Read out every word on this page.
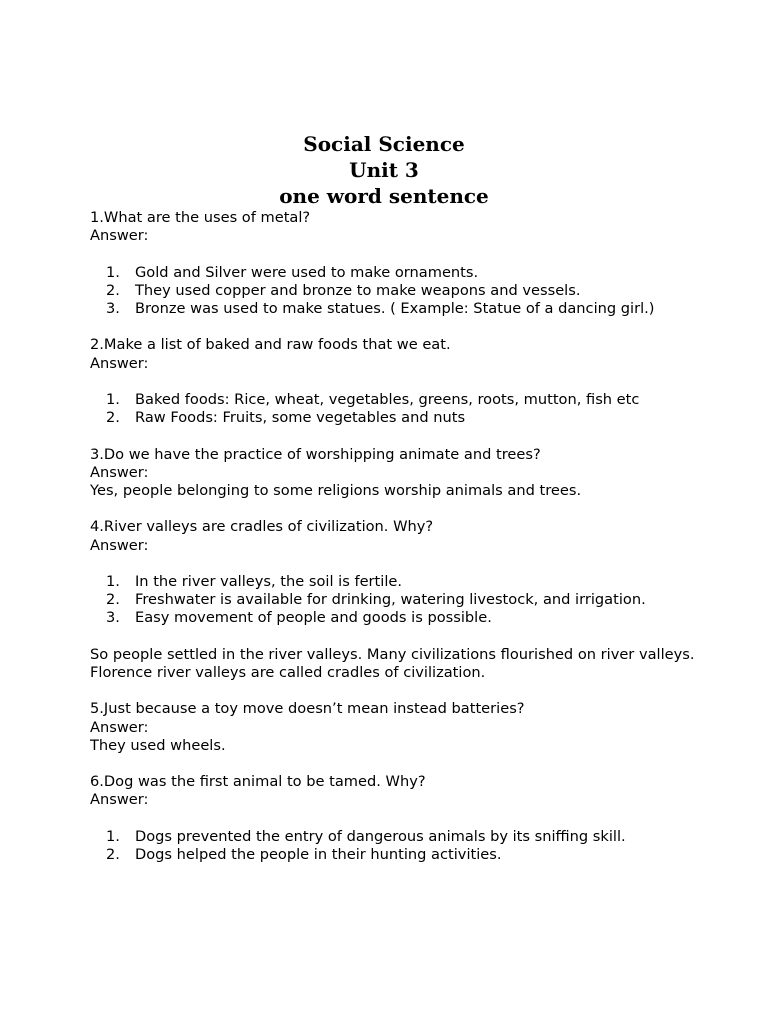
Social Science
Unit 3
one word sentence
1.What are the uses of metal?
Answer:
1.	Gold and Silver were used to make ornaments.
2.	They used copper and bronze to make weapons and vessels.
3.	Bronze was used to make statues. ( Example: Statue of a dancing girl.)
2.Make a list of baked and raw foods that we eat.
Answer:
1.	Baked foods: Rice, wheat, vegetables, greens, roots, mutton, fish etc
2.	Raw Foods: Fruits, some vegetables and nuts
3.Do we have the practice of worshipping animate and trees?
Answer:
Yes, people belonging to some religions worship animals and trees.
4.River valleys are cradles of civilization. Why?
Answer:
1.	In the river valleys, the soil is fertile.
2.	Freshwater is available for drinking, watering livestock, and irrigation.
3.	Easy movement of people and goods is possible.
So people settled in the river valleys. Many civilizations flourished on river valleys. Florence river valleys are called cradles of civilization.
5.Just because a toy move doesn’t mean instead batteries?
Answer:
They used wheels.
6.Dog was the first animal to be tamed. Why?
Answer:
1.	Dogs prevented the entry of dangerous animals by its sniffing skill.
2.	Dogs helped the people in their hunting activities.
